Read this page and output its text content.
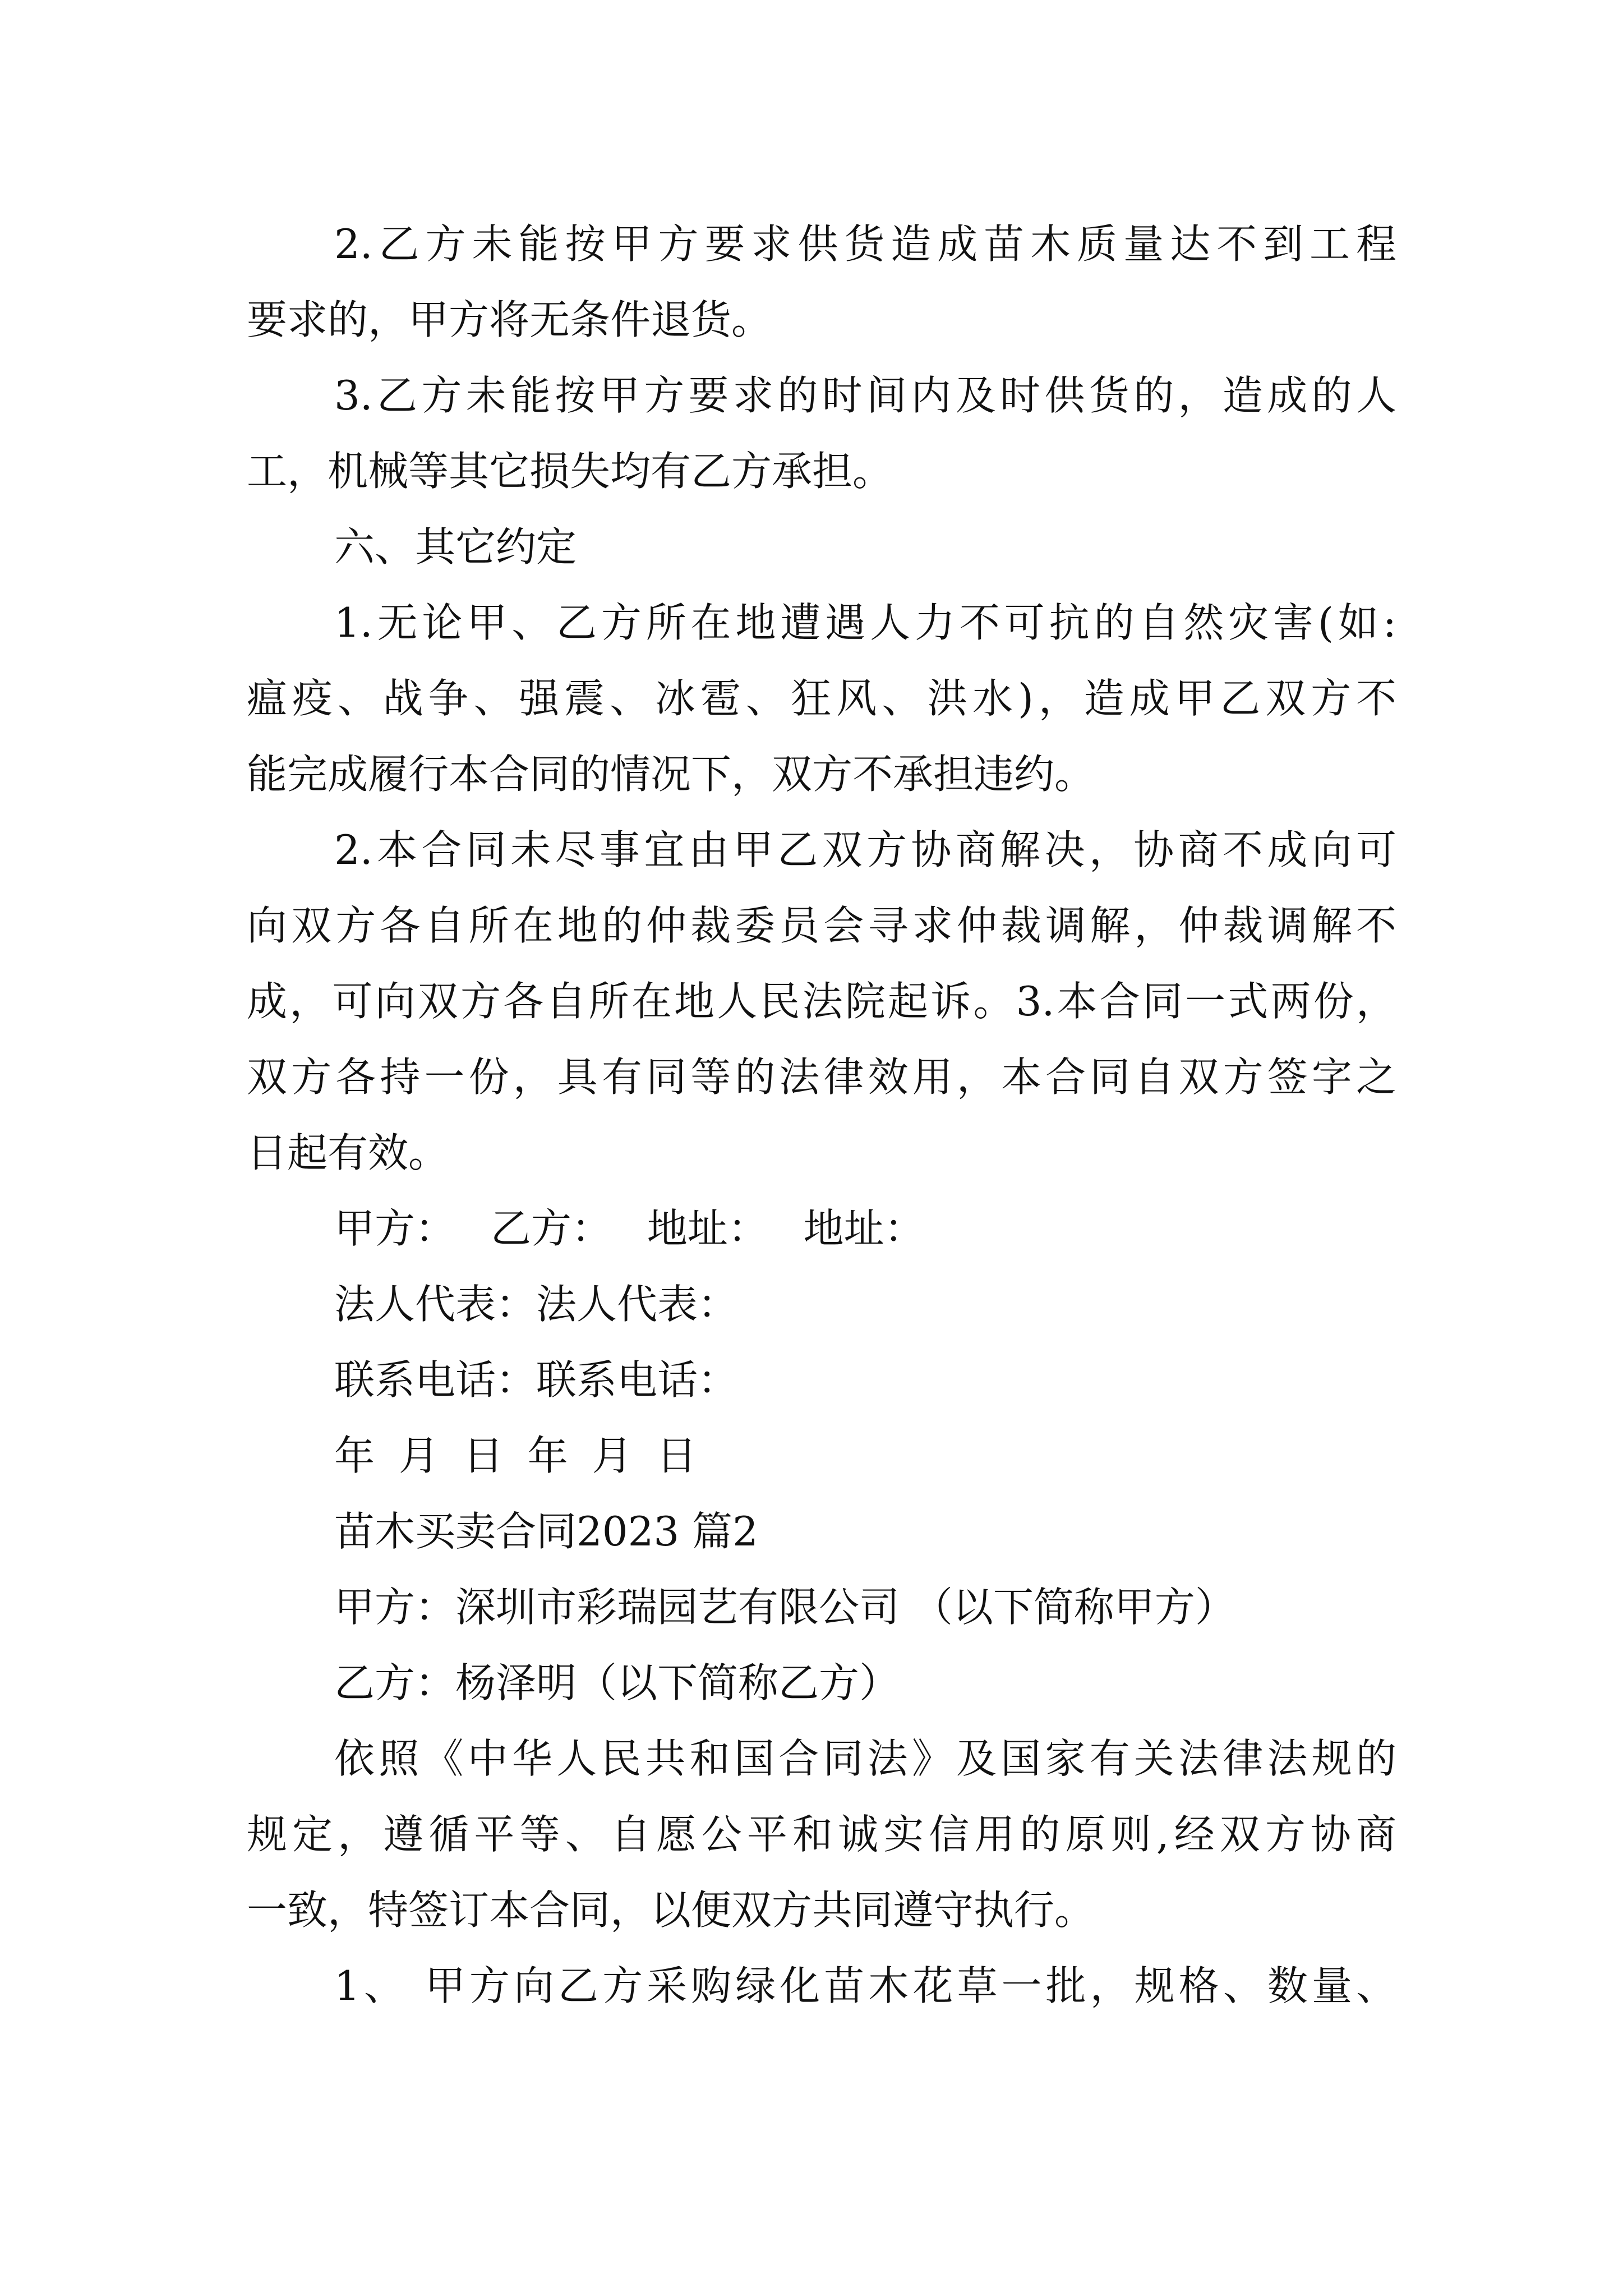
2.乙方未能按甲方要求供货造成苗木质量达不到工程
要求的，甲方将无条件退货。
3.乙方未能按甲方要求的时间内及时供货的，造成的人
工，机械等其它损失均有乙方承担。
六、其它约定
1.无论甲、乙方所在地遭遇人力不可抗的自然灾害(如:
瘟疫、战争、强震、冰雹、狂风、洪水)，造成甲乙双方不
能完成履行本合同的情况下，双方不承担违约。
2.本合同未尽事宜由甲乙双方协商解决，协商不成向可
向双方各自所在地的仲裁委员会寻求仲裁调解，仲裁调解不
成，可向双方各自所在地人民法院起诉。3.本合同一式两份，
双方各持一份，具有同等的法律效用，本合同自双方签字之
日起有效。
甲方： 乙方： 地址： 地址：
法人代表：法人代表：
联系电话：联系电话：
年 月 日 年 月 日
苗木买卖合同2023 篇2
甲方：深圳市彩瑞园艺有限公司 （以下简称甲方）
乙方：杨泽明（以下简称乙方）
依照《中华人民共和国合同法》及国家有关法律法规的
规定，遵循平等、自愿公平和诚实信用的原则,经双方协商
一致，特签订本合同，以便双方共同遵守执行。
1、 甲方向乙方采购绿化苗木花草一批，规格、数量、
